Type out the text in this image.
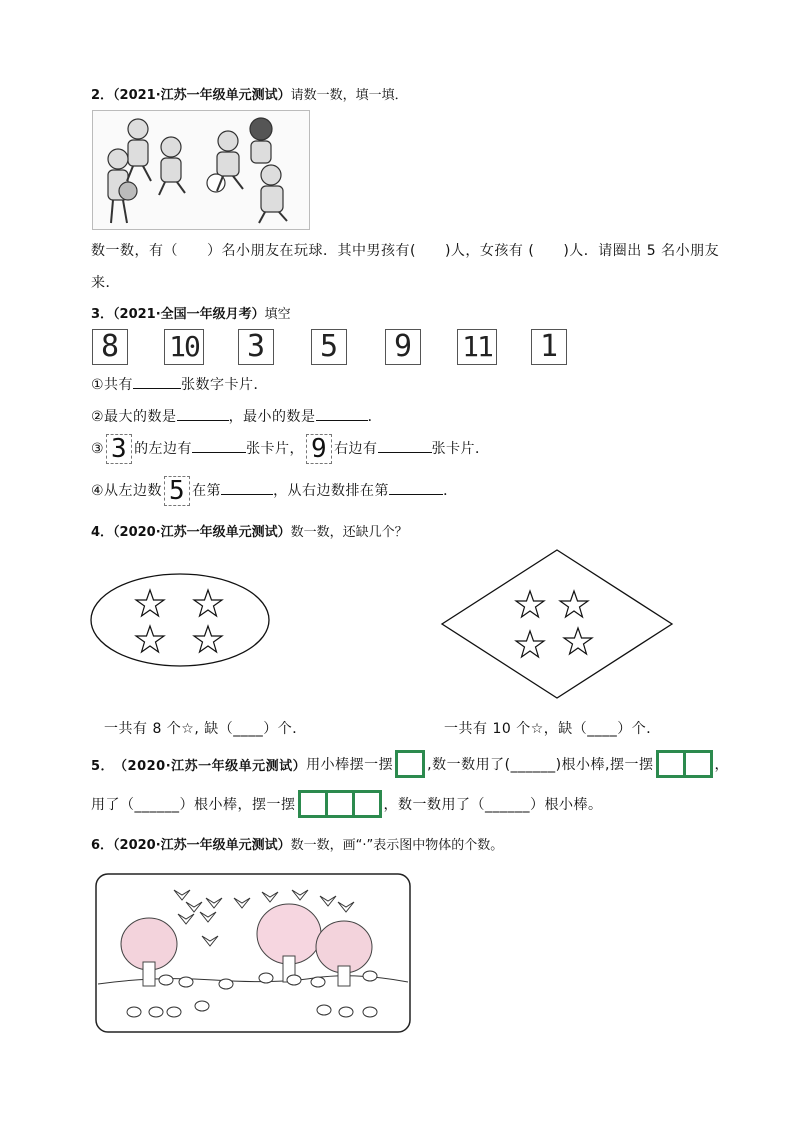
2．（2021·江苏一年级单元测试）请数一数，填一填．
数一数，有（　　）名小朋友在玩球．其中男孩有(　　)人，女孩有 (　　)人．请圈出 5 名小朋友
来．
3．（2021·全国一年级月考）填空
8	10 3 5 9	11 1
①共有	张数字卡片．
②最大的数是	，最小的数是	．
③ 3 的左边有	张卡片， 9 右边有	张卡片．
④从左边数 5 在第	，从右边数排在第	．
4．（2020·江苏一年级单元测试）数一数，还缺几个？
一共有 8 个☆, 缺（____）个．	一共有 10 个☆，缺（____）个．
5． （2020·江苏一年级单元测试） 用小棒摆一摆 ,数一数用了(______)根小棒,摆一摆	，
用了（______）根小棒，摆一摆	，数一数用了（______）根小棒。
6．（2020·江苏一年级单元测试）数一数，画“·”表示图中物体的个数。
